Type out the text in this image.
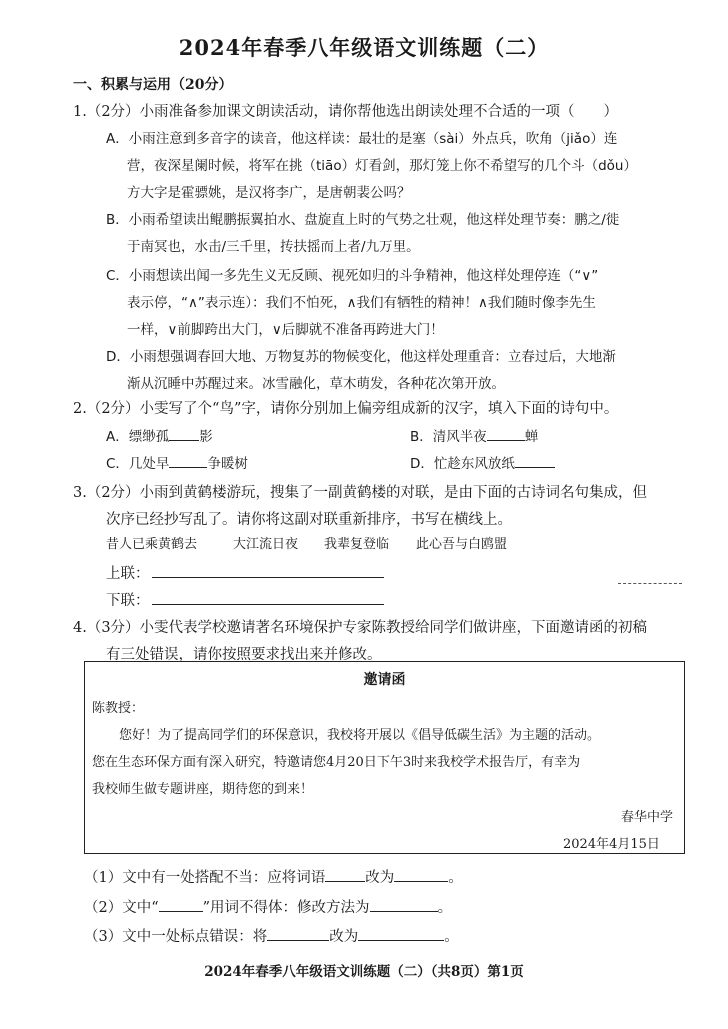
2024年春季八年级语文训练题（二）
一、积累与运用（20分）
1.（2分）小雨准备参加课文朗读活动，请你帮他选出朗读处理不合适的一项（　　）
A．小雨注意到多音字的读音，他这样读：最壮的是塞（sài）外点兵，吹角（jiǎo）连
营，夜深星阑时候，将军在挑（tiāo）灯看剑，那灯笼上你不希望写的几个斗（dǒu）
方大字是霍骠姚，是汉将李广，是唐朝裴公吗？
B．小雨希望读出鲲鹏振翼拍水、盘旋直上时的气势之壮观，他这样处理节奏：鹏之/徙
于南冥也，水击/三千里，抟扶摇而上者/九万里。
C．小雨想读出闻一多先生义无反顾、视死如归的斗争精神，他这样处理停连（“∨”
表示停，“∧”表示连）：我们不怕死，∧我们有牺牲的精神！∧我们随时像李先生
一样，∨前脚跨出大门，∨后脚就不准备再跨进大门！
D．小雨想强调春回大地、万物复苏的物候变化，他这样处理重音：立春过后，大地渐
渐从沉睡中苏醒过来。冰雪融化，草木萌发，各种花次第开放。
2.（2分）小雯写了个“鸟”字，请你分别加上偏旁组成新的汉字，填入下面的诗句中。
A．缥缈孤 影	B．清风半夜	蝉
C．几处早	争暖树	D．忙趁东风放纸
3.（2分）小雨到黄鹤楼游玩，搜集了一副黄鹤楼的对联，是由下面的古诗词名句集成，但
次序已经抄写乱了。请你将这副对联重新排序，书写在横线上。
昔人已乘黄鹤去	大江流日夜 我辈复登临 此心吾与白鸥盟
上联：
下联：
4.（3分）小雯代表学校邀请著名环境保护专家陈教授给同学们做讲座，下面邀请函的初稿
有三处错误，请你按照要求找出来并修改。
邀请函
陈教授：
您好！为了提高同学们的环保意识，我校将开展以《倡导低碳生活》为主题的活动。
您在生态环保方面有深入研究，特邀请您4月20日下午3时来我校学术报告厅，有幸为
我校师生做专题讲座，期待您的到来！
春华中学
2024年4月15日
（1）文中有一处搭配不当：应将词语	改为	。
（2）文中“	”用词不得体：修改方法为	。
（3）文中一处标点错误：将	改为	。
2024年春季八年级语文训练题（二）（共8页）第1页
